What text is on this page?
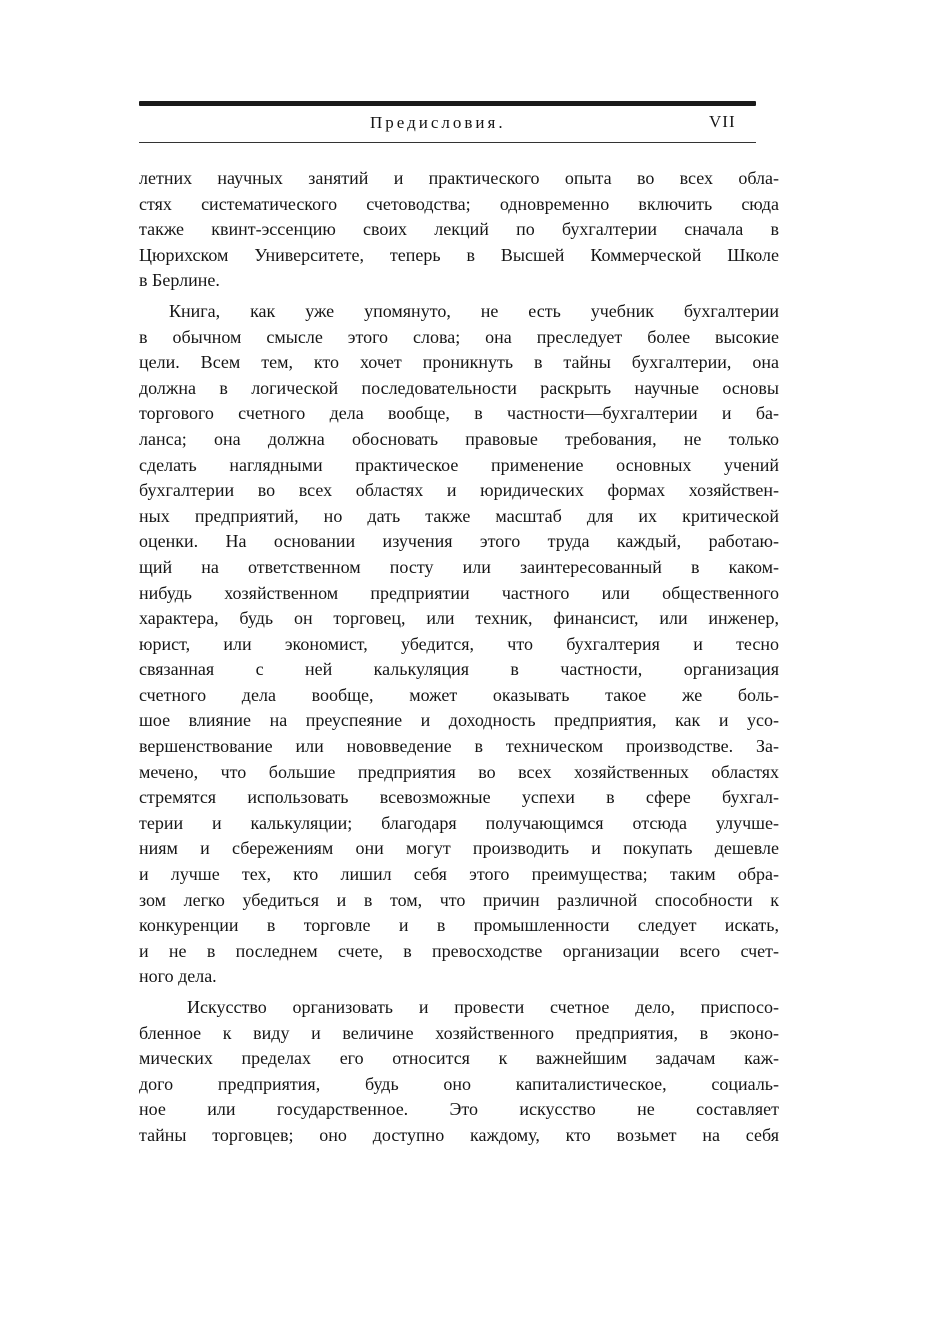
Предисловия.	VII
летних научных занятий и практического опыта во всех обла-
стях систематического счетоводства; одновременно включить сюда
также квинт-эссенцию своих лекций по бухгалтерии сначала в
Цюрихском Университете, теперь в Высшей Коммерческой Школе
в Берлине.
Книга, как уже упомянуто, не есть учебник бухгалтерии
в обычном смысле этого слова; она преследует более высокие
цели. Всем тем, кто хочет проникнуть в тайны бухгалтерии, она
должна в логической последовательности раскрыть научные основы
торгового счетного дела вообще, в частности—бухгалтерии и ба-
ланса; она должна обосновать правовые требования, не только
сделать наглядными практическое применение основных учений
бухгалтерии во всех областях и юридических формах хозяйствен-
ных предприятий, но дать также масштаб для их критической
оценки. На основании изучения этого труда каждый, работаю-
щий на ответственном посту или заинтересованный в каком-
нибудь хозяйственном предприятии частного или общественного
характера, будь он торговец, или техник, финансист, или инженер,
юрист, или экономист, убедится, что бухгалтерия и тесно
связанная с ней калькуляция в частности, организация
счетного дела вообще, может оказывать такое же боль-
шое влияние на преуспеяние и доходность предприятия, как и усо-
вершенствование или нововведение в техническом производстве. За-
мечено, что большие предприятия во всех хозяйственных областях
стремятся использовать всевозможные успехи в сфере бухгал-
терии и калькуляции; благодаря получающимся отсюда улучше-
ниям и сбережениям они могут производить и покупать дешевле
и лучше тех, кто лишил себя этого преимущества; таким обра-
зом легко убедиться и в том, что причин различной способности к
конкуренции в торговле и в промышленности следует искать,
и не в последнем счете, в превосходстве организации всего счет-
ного дела.
Искусство организовать и провести счетное дело, приспосо-
бленное к виду и величине хозяйственного предприятия, в эконо-
мических пределах его относится к важнейшим задачам каж-
дого предприятия, будь оно капиталистическое, социаль-
ное или государственное. Это искусство не составляет
тайны торговцев; оно доступно каждому, кто возьмет на себя
